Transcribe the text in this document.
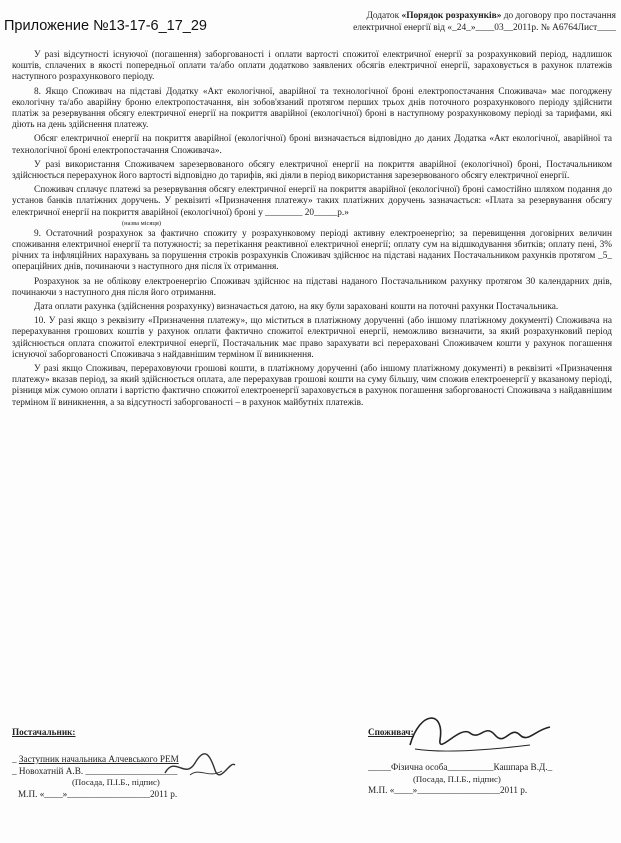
Приложение №13-17-6_17_29
Додаток «Порядок розрахунків» до договору про постачання
електричної енергії від «_24_»____03__2011р. № А6764Лист____

У разі відсутності існуючої (погашення) заборгованості і оплати вартості спожитої електричної енергії за розрахунковий період, надлишок коштів, сплачених в якості попередньої оплати та/або оплати додатково заявлених обсягів електричної енергії, зараховується в рахунок платежів наступного розрахункового періоду.

8. Якщо Споживач на підставі Додатку «Акт екологічної, аварійної та технологічної броні електропостачання Споживача» має погоджену екологічну та/або аварійну броню електропостачання, він зобов'язаний протягом перших трьох днів поточного розрахункового періоду здійснити платіж за резервування обсягу електричної енергії на покриття аварійної (екологічної) броні в наступному розрахунковому періоді за тарифами, які діють на день здійснення платежу.

Обсяг електричної енергії на покриття аварійної (екологічної) броні визначається відповідно до даних Додатка «Акт екологічної, аварійної та технологічної броні електропостачання Споживача».

У разі використання Споживачем зарезервованого обсягу електричної енергії на покриття аварійної (екологічної) броні, Постачальником здійснюється перерахунок його вартості відповідно до тарифів, які діяли в період використання зарезервованого обсягу електричної енергії.

Споживач сплачує платежі за резервування обсягу електричної енергії на покриття аварійної (екологічної) броні самостійно шляхом подання до установ банків платіжних доручень. У реквізиті «Призначення платежу» таких платіжних доручень зазначається: «Плата за резервування обсягу електричної енергії на покриття аварійної (екологічної) броні у ________ 20_____р.»

(назва місяця)

9. Остаточний розрахунок за фактично спожиту у розрахунковому періоді активну електроенергію; за перевищення договірних величин споживання електричної енергії та потужності; за перетікання реактивної електричної енергії; оплату сум на відшкодування збитків; оплату пені, 3% річних та інфляційних нарахувань за порушення строків розрахунків Споживач здійснює на підставі наданих Постачальником рахунків протягом _5_ операційних днів, починаючи з наступного дня після їх отримання.

Розрахунок за не облікову електроенергію Споживач здійснює на підставі наданого Постачальником рахунку протягом 30 календарних днів, починаючи з наступного дня після його отримання.

Дата оплати рахунка (здійснення розрахунку) визначається датою, на яку були зараховані кошти на поточні рахунки Постачальника.

10. У разі якщо з реквізиту «Призначення платежу», що міститься в платіжному дорученні (або іншому платіжному документі) Споживача на перерахування грошових коштів у рахунок оплати фактично спожитої електричної енергії, неможливо визначити, за який розрахунковий період здійснюється оплата спожитої електричної енергії, Постачальник має право зарахувати всі перераховані Споживачем кошти у рахунок погашення існуючої заборгованості Споживача з найдавнішим терміном її виникнення.

У разі якщо Споживач, перераховуючи грошові кошти, в платіжному дорученні (або іншому платіжному документі) в реквізиті «Призначення платежу» вказав період, за який здійснюється оплата, але перерахував грошові кошти на суму більшу, чим спожив електроенергії у вказаному періоді, різниця між сумою оплати і вартістю фактично спожитої електроенергії зараховується в рахунок погашення заборгованості Споживача з найдавнішим терміном її виникнення, а за відсутності заборгованості – в рахунок майбутніх платежів.

Постачальник:
_ Заступник начальника Алчевського РЕМ
_ Новохатній А.В. ____________________
(Посада, П.І.Б., підпис)
М.П. «____»__________________2011 р.
Споживач:
_____Фізична особа__________Кашпара В.Д._
(Посада, П.І.Б., підпис)
М.П. «____»__________________2011 р.
